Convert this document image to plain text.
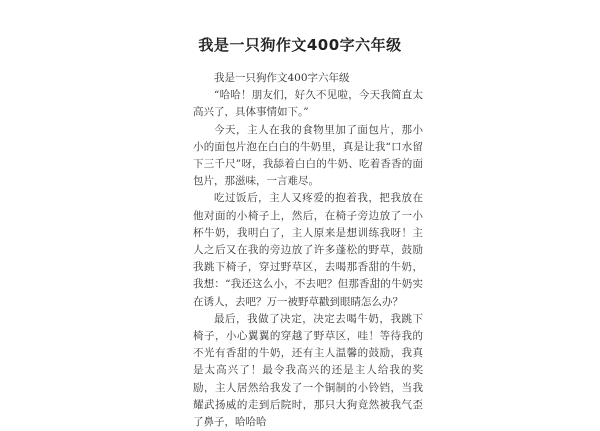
我是一只狗作文400字六年级

我是一只狗作文400字六年级

“哈哈！朋友们，好久不见啦，今天我简直太高兴了，具体事情如下。”

今天，主人在我的食物里加了面包片，那小小的面包片泡在白白的牛奶里，真是让我“口水留下三千尺”呀，我舔着白白的牛奶、吃着香香的面包片，那滋味，一言难尽。

吃过饭后，主人又疼爱的抱着我，把我放在他对面的小椅子上，然后，在椅子旁边放了一小杯牛奶，我明白了，主人原来是想训练我呀！主人之后又在我的旁边放了许多蓬松的野草，鼓励我跳下椅子，穿过野草区，去喝那香甜的牛奶，我想：“我还这么小，不去吧？但那香甜的牛奶实在诱人，去吧？万一被野草戳到眼睛怎么办？

最后，我做了决定，决定去喝牛奶，我跳下椅子，小心翼翼的穿越了野草区，哇！等待我的不光有香甜的牛奶，还有主人温馨的鼓励，我真是太高兴了！最令我高兴的还是主人给我的奖励，主人居然给我发了一个铜制的小铃铛，当我耀武扬威的走到后院时，那只大狗竟然被我气歪了鼻子，哈哈哈
